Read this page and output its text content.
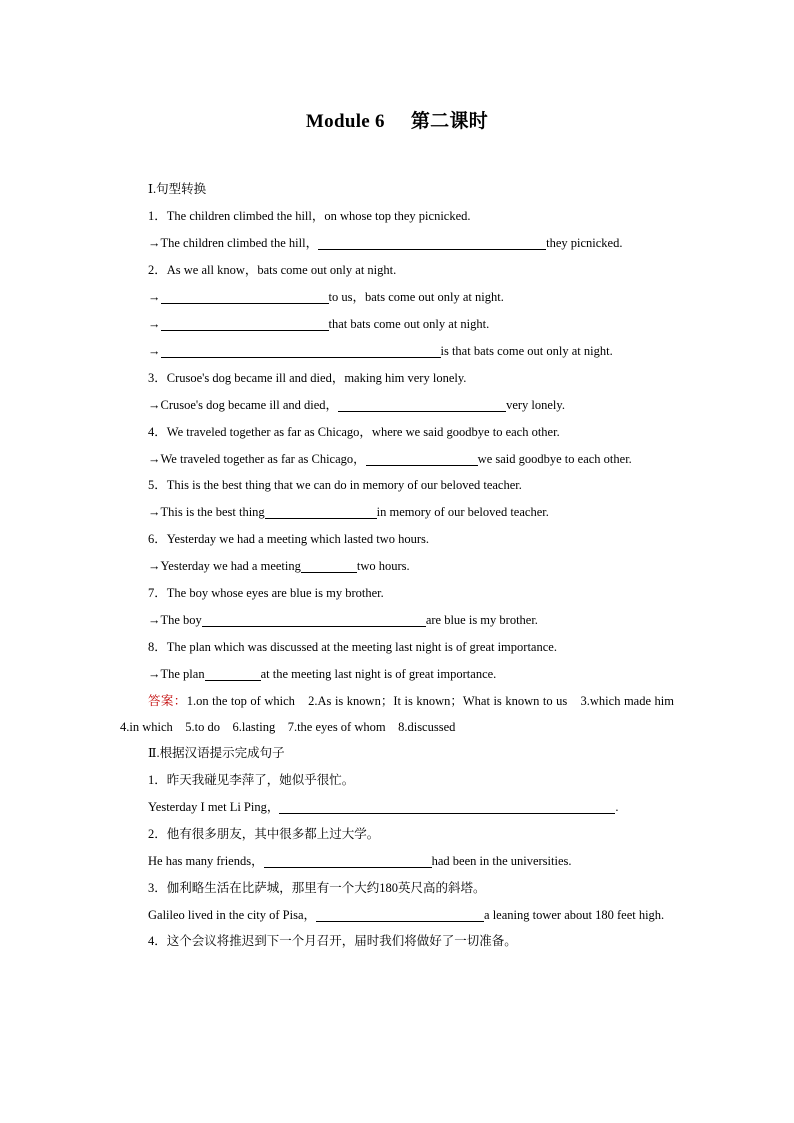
Module 6 第二课时
Ⅰ.句型转换
1．The children climbed the hill，on whose top they picnicked.
→The children climbed the hill，	they picnicked.
2．As we all know，bats come out only at night.
→	to us，bats come out only at night.
→	that bats come out only at night.
→	is that bats come out only at night.
3．Crusoe's dog became ill and died，making him very lonely.
→Crusoe's dog became ill and died，	very lonely.
4．We traveled together as far as Chicago，where we said goodbye to each other.
→We traveled together as far as Chicago，	we said goodbye to each other.
5．This is the best thing that we can do in memory of our beloved teacher.
→This is the best thing	in memory of our beloved teacher.
6．Yesterday we had a meeting which lasted two hours.
→Yesterday we had a meeting	two hours.
7．The boy whose eyes are blue is my brother.
→The boy	are blue is my brother.
8．The plan which was discussed at the meeting last night is of great importance.
→The plan	at the meeting last night is of great importance.
答案：1.on the top of which　2.As is known；It is known；What is known to us　3.which made him　4.in which　5.to do　6.lasting　7.the eyes of whom　8.discussed
Ⅱ.根据汉语提示完成句子
1．昨天我碰见李萍了，她似乎很忙。
Yesterday I met Li Ping，	.
2．他有很多朋友，其中很多都上过大学。
He has many friends，	had been in the universities.
3．伽利略生活在比萨城，那里有一个大约180英尺高的斜塔。
Galileo lived in the city of Pisa，	a leaning tower about 180 feet high.
4．这个会议将推迟到下一个月召开，届时我们将做好了一切准备。
